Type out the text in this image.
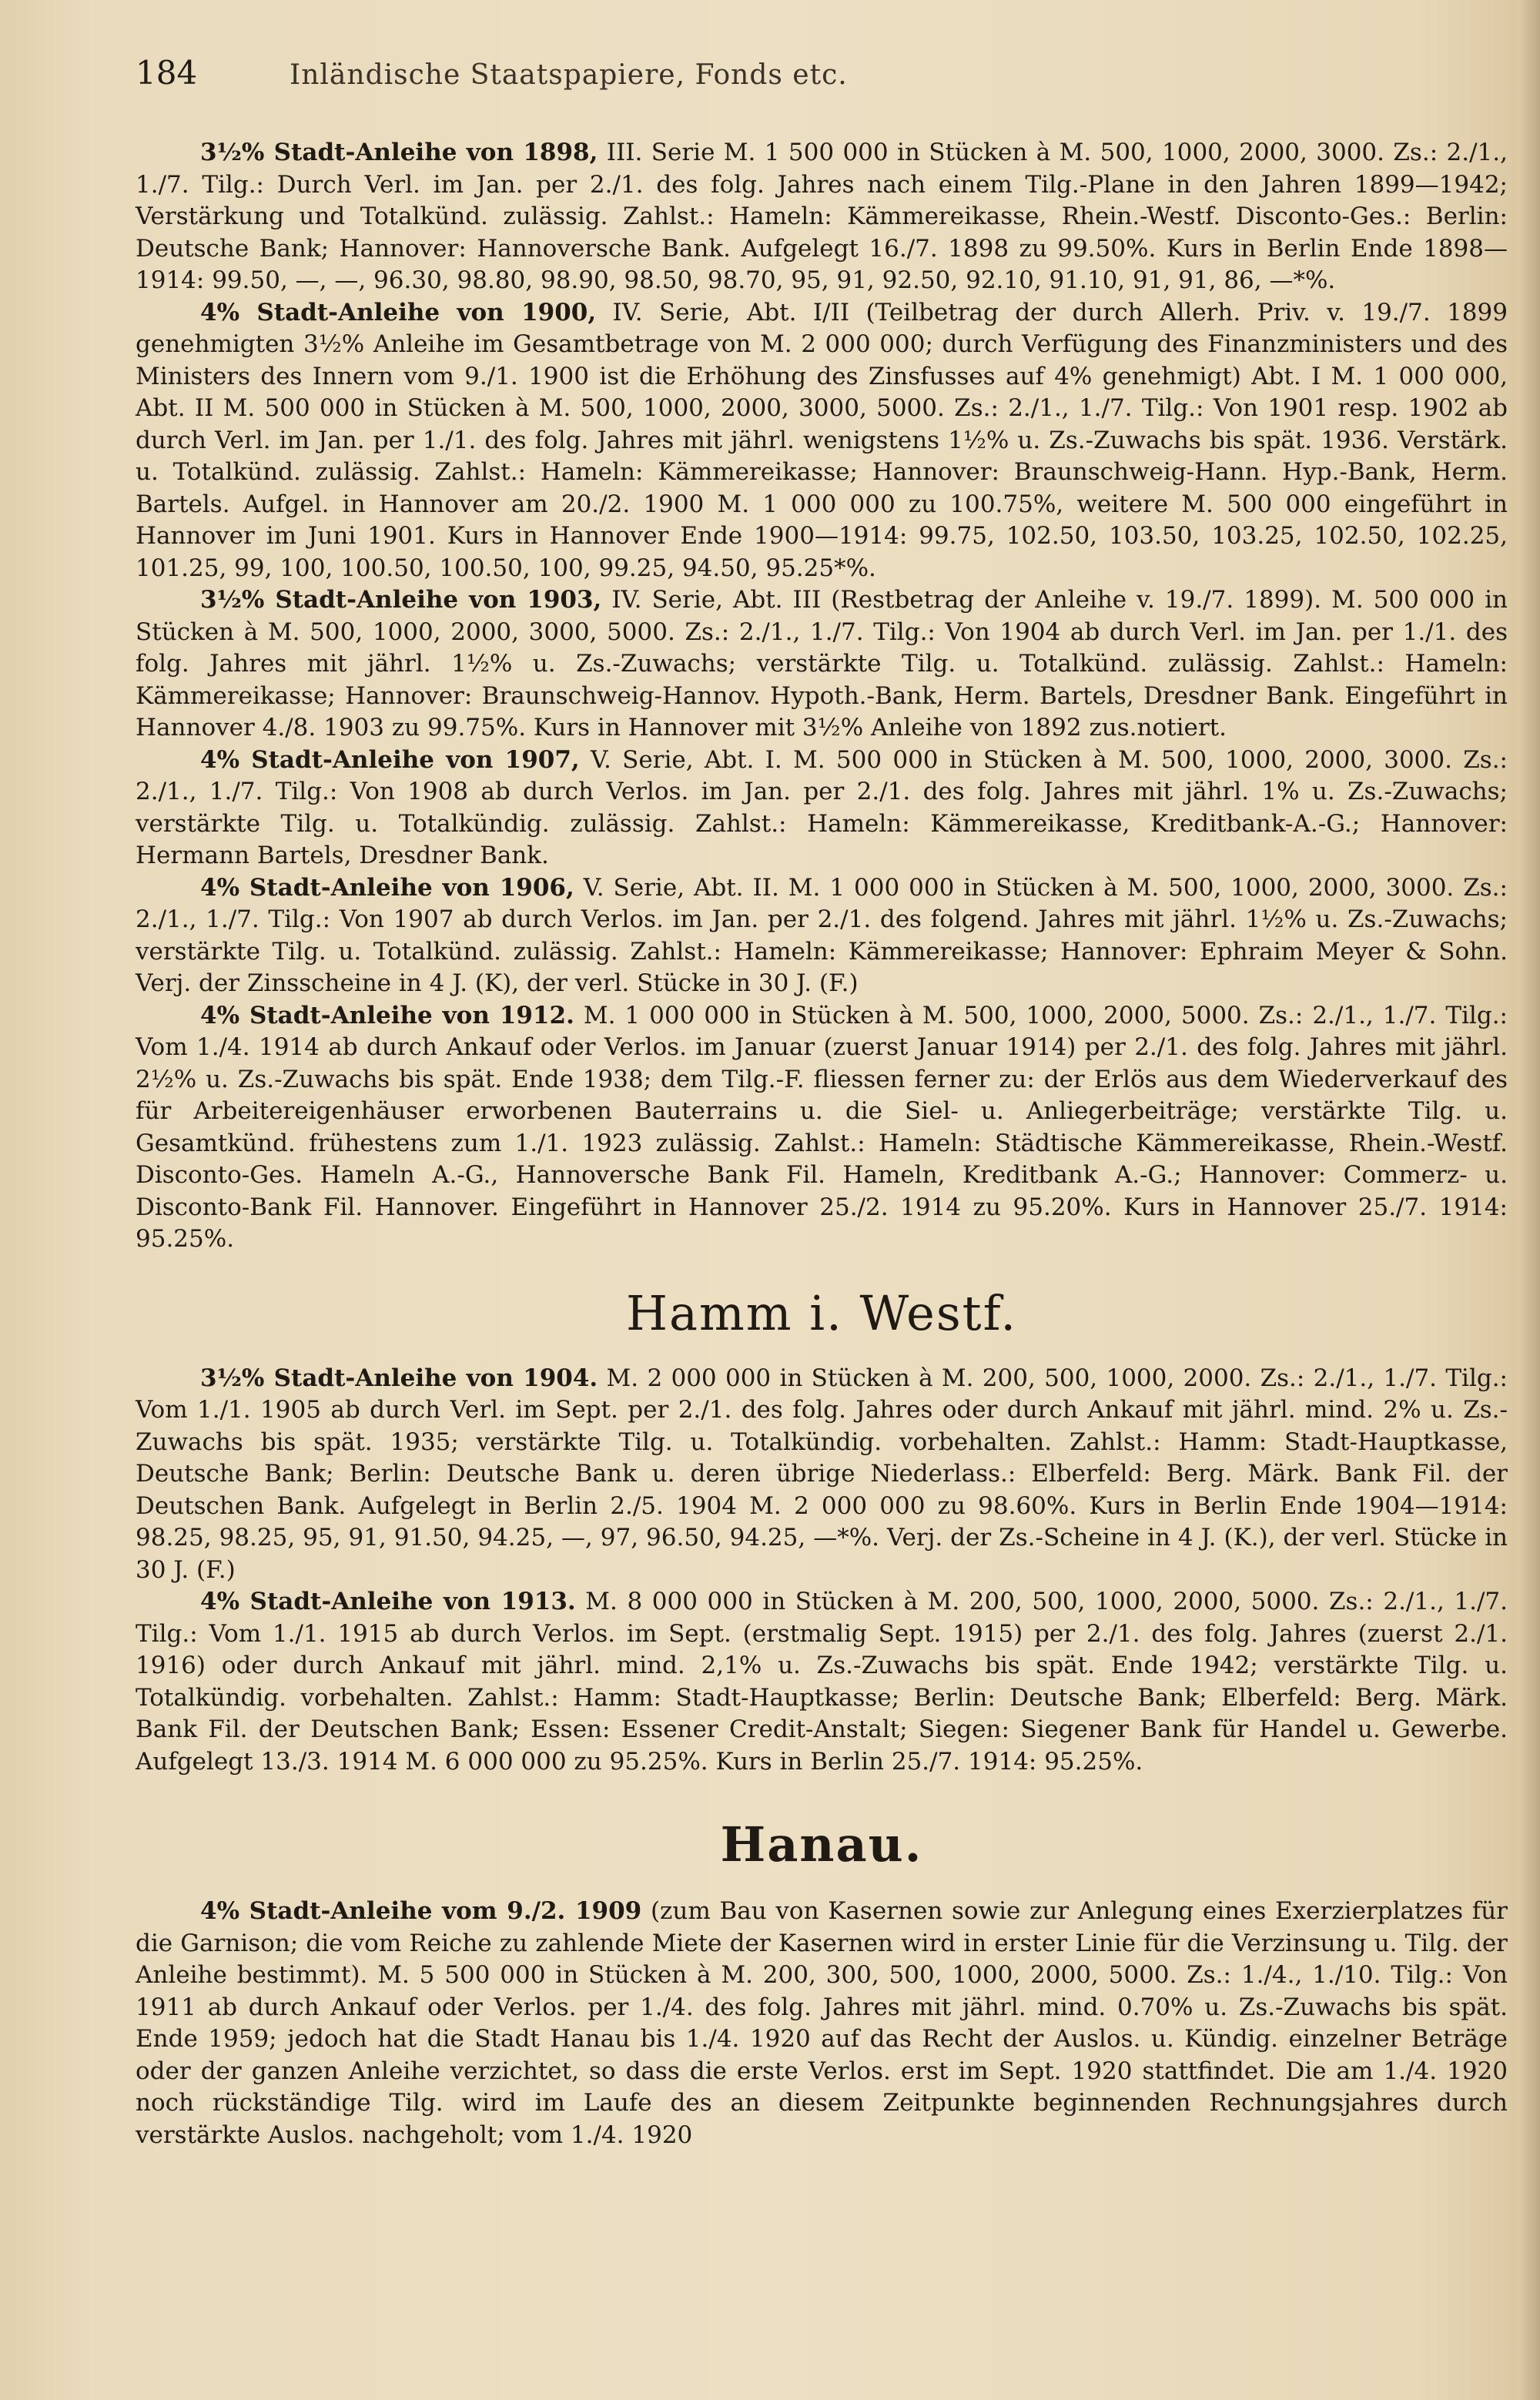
184	Inländische Staatspapiere, Fonds etc.

3½% Stadt-Anleihe von 1898, III. Serie M. 1 500 000 in Stücken à M. 500, 1000, 2000, 3000. Zs.: 2./1., 1./7. Tilg.: Durch Verl. im Jan. per 2./1. des folg. Jahres nach einem Tilg.-Plane in den Jahren 1899—1942; Verstärkung und Totalkünd. zulässig. Zahlst.: Hameln: Kämmereikasse, Rhein.-Westf. Disconto-Ges.: Berlin: Deutsche Bank; Hannover: Hannoversche Bank. Aufgelegt 16./7. 1898 zu 99.50%. Kurs in Berlin Ende 1898—1914: 99.50, —, —, 96.30, 98.80, 98.90, 98.50, 98.70, 95, 91, 92.50, 92.10, 91.10, 91, 91, 86, —*%.

4% Stadt-Anleihe von 1900, IV. Serie, Abt. I/II (Teilbetrag der durch Allerh. Priv. v. 19./7. 1899 genehmigten 3½% Anleihe im Gesamtbetrage von M. 2 000 000; durch Verfügung des Finanzministers und des Ministers des Innern vom 9./1. 1900 ist die Erhöhung des Zinsfusses auf 4% genehmigt) Abt. I M. 1 000 000, Abt. II M. 500 000 in Stücken à M. 500, 1000, 2000, 3000, 5000. Zs.: 2./1., 1./7. Tilg.: Von 1901 resp. 1902 ab durch Verl. im Jan. per 1./1. des folg. Jahres mit jährl. wenigstens 1½% u. Zs.-Zuwachs bis spät. 1936. Verstärk. u. Totalkünd. zulässig. Zahlst.: Hameln: Kämmereikasse; Hannover: Braunschweig-Hann. Hyp.-Bank, Herm. Bartels. Aufgel. in Hannover am 20./2. 1900 M. 1 000 000 zu 100.75%, weitere M. 500 000 eingeführt in Hannover im Juni 1901. Kurs in Hannover Ende 1900—1914: 99.75, 102.50, 103.50, 103.25, 102.50, 102.25, 101.25, 99, 100, 100.50, 100.50, 100, 99.25, 94.50, 95.25*%.

3½% Stadt-Anleihe von 1903, IV. Serie, Abt. III (Restbetrag der Anleihe v. 19./7. 1899). M. 500 000 in Stücken à M. 500, 1000, 2000, 3000, 5000. Zs.: 2./1., 1./7. Tilg.: Von 1904 ab durch Verl. im Jan. per 1./1. des folg. Jahres mit jährl. 1½% u. Zs.-Zuwachs; verstärkte Tilg. u. Totalkünd. zulässig. Zahlst.: Hameln: Kämmereikasse; Hannover: Braunschweig-Hannov. Hypoth.-Bank, Herm. Bartels, Dresdner Bank. Eingeführt in Hannover 4./8. 1903 zu 99.75%. Kurs in Hannover mit 3½% Anleihe von 1892 zus.notiert.

4% Stadt-Anleihe von 1907, V. Serie, Abt. I. M. 500 000 in Stücken à M. 500, 1000, 2000, 3000. Zs.: 2./1., 1./7. Tilg.: Von 1908 ab durch Verlos. im Jan. per 2./1. des folg. Jahres mit jährl. 1% u. Zs.-Zuwachs; verstärkte Tilg. u. Totalkündig. zulässig. Zahlst.: Hameln: Kämmereikasse, Kreditbank-A.-G.; Hannover: Hermann Bartels, Dresdner Bank.

4% Stadt-Anleihe von 1906, V. Serie, Abt. II. M. 1 000 000 in Stücken à M. 500, 1000, 2000, 3000. Zs.: 2./1., 1./7. Tilg.: Von 1907 ab durch Verlos. im Jan. per 2./1. des folgend. Jahres mit jährl. 1½% u. Zs.-Zuwachs; verstärkte Tilg. u. Totalkünd. zulässig. Zahlst.: Hameln: Kämmereikasse; Hannover: Ephraim Meyer & Sohn. Verj. der Zinsscheine in 4 J. (K), der verl. Stücke in 30 J. (F.)

4% Stadt-Anleihe von 1912. M. 1 000 000 in Stücken à M. 500, 1000, 2000, 5000. Zs.: 2./1., 1./7. Tilg.: Vom 1./4. 1914 ab durch Ankauf oder Verlos. im Januar (zuerst Januar 1914) per 2./1. des folg. Jahres mit jährl. 2½% u. Zs.-Zuwachs bis spät. Ende 1938; dem Tilg.-F. fliessen ferner zu: der Erlös aus dem Wiederverkauf des für Arbeitereigenhäuser erworbenen Bauterrains u. die Siel- u. Anliegerbeiträge; verstärkte Tilg. u. Gesamtkünd. frühestens zum 1./1. 1923 zulässig. Zahlst.: Hameln: Städtische Kämmereikasse, Rhein.-Westf. Disconto-Ges. Hameln A.-G., Hannoversche Bank Fil. Hameln, Kreditbank A.-G.; Hannover: Commerz- u. Disconto-Bank Fil. Hannover. Eingeführt in Hannover 25./2. 1914 zu 95.20%. Kurs in Hannover 25./7. 1914: 95.25%.

Hamm i. Westf.

3½% Stadt-Anleihe von 1904. M. 2 000 000 in Stücken à M. 200, 500, 1000, 2000. Zs.: 2./1., 1./7. Tilg.: Vom 1./1. 1905 ab durch Verl. im Sept. per 2./1. des folg. Jahres oder durch Ankauf mit jährl. mind. 2% u. Zs.-Zuwachs bis spät. 1935; verstärkte Tilg. u. Totalkündig. vorbehalten. Zahlst.: Hamm: Stadt-Hauptkasse, Deutsche Bank; Berlin: Deutsche Bank u. deren übrige Niederlass.: Elberfeld: Berg. Märk. Bank Fil. der Deutschen Bank. Aufgelegt in Berlin 2./5. 1904 M. 2 000 000 zu 98.60%. Kurs in Berlin Ende 1904—1914: 98.25, 98.25, 95, 91, 91.50, 94.25, —, 97, 96.50, 94.25, —*%. Verj. der Zs.-Scheine in 4 J. (K.), der verl. Stücke in 30 J. (F.)

4% Stadt-Anleihe von 1913. M. 8 000 000 in Stücken à M. 200, 500, 1000, 2000, 5000. Zs.: 2./1., 1./7. Tilg.: Vom 1./1. 1915 ab durch Verlos. im Sept. (erstmalig Sept. 1915) per 2./1. des folg. Jahres (zuerst 2./1. 1916) oder durch Ankauf mit jährl. mind. 2,1% u. Zs.-Zuwachs bis spät. Ende 1942; verstärkte Tilg. u. Totalkündig. vorbehalten. Zahlst.: Hamm: Stadt-Hauptkasse; Berlin: Deutsche Bank; Elberfeld: Berg. Märk. Bank Fil. der Deutschen Bank; Essen: Essener Credit-Anstalt; Siegen: Siegener Bank für Handel u. Gewerbe. Aufgelegt 13./3. 1914 M. 6 000 000 zu 95.25%. Kurs in Berlin 25./7. 1914: 95.25%.

Hanau.

4% Stadt-Anleihe vom 9./2. 1909 (zum Bau von Kasernen sowie zur Anlegung eines Exerzierplatzes für die Garnison; die vom Reiche zu zahlende Miete der Kasernen wird in erster Linie für die Verzinsung u. Tilg. der Anleihe bestimmt). M. 5 500 000 in Stücken à M. 200, 300, 500, 1000, 2000, 5000. Zs.: 1./4., 1./10. Tilg.: Von 1911 ab durch Ankauf oder Verlos. per 1./4. des folg. Jahres mit jährl. mind. 0.70% u. Zs.-Zuwachs bis spät. Ende 1959; jedoch hat die Stadt Hanau bis 1./4. 1920 auf das Recht der Auslos. u. Kündig. einzelner Beträge oder der ganzen Anleihe verzichtet, so dass die erste Verlos. erst im Sept. 1920 stattfindet. Die am 1./4. 1920 noch rückständige Tilg. wird im Laufe des an diesem Zeitpunkte beginnenden Rechnungsjahres durch verstärkte Auslos. nachgeholt; vom 1./4. 1920
